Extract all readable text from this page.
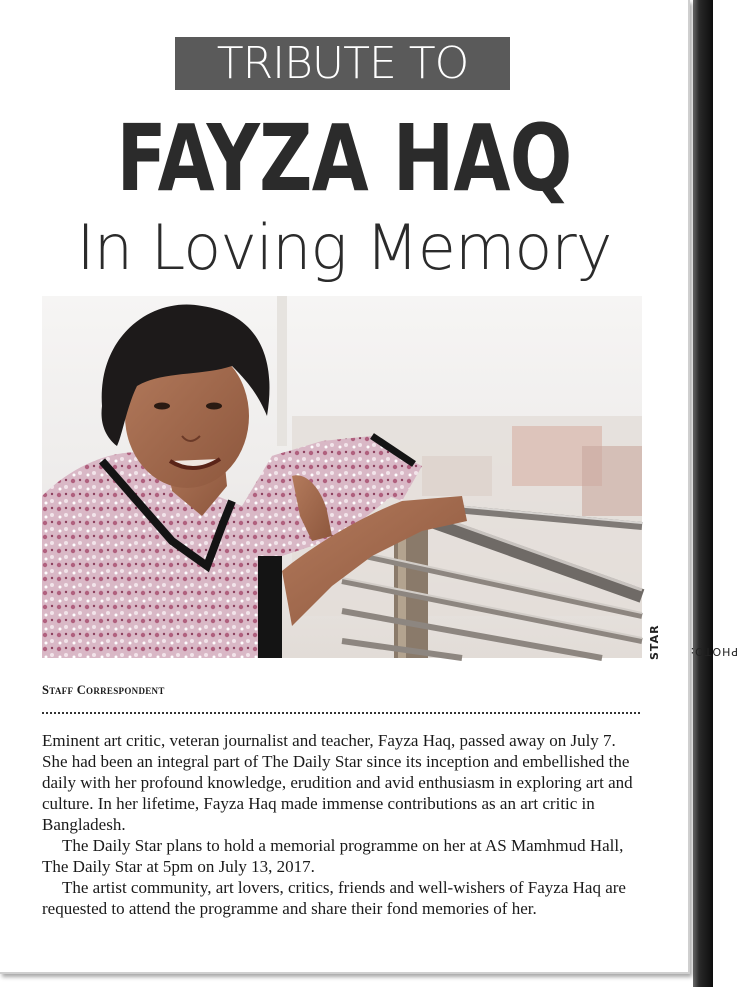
TRIBUTE TO
FAYZA HAQ
In Loving Memory
PHOTO:
STAR
Staff Correspondent

Eminent art critic, veteran journalist and teacher, Fayza Haq, passed away on July 7. She had been an integral part of The Daily Star since its inception and embellished the daily with her profound knowledge, erudition and avid enthusiasm in exploring art and culture. In her lifetime, Fayza Haq made immense contributions as an art critic in Bangladesh.

The Daily Star plans to hold a memorial programme on her at AS Mamhmud Hall, The Daily Star at 5pm on July 13, 2017.

The artist community, art lovers, critics, friends and well-wishers of Fayza Haq are requested to attend the programme and share their fond memories of her.
